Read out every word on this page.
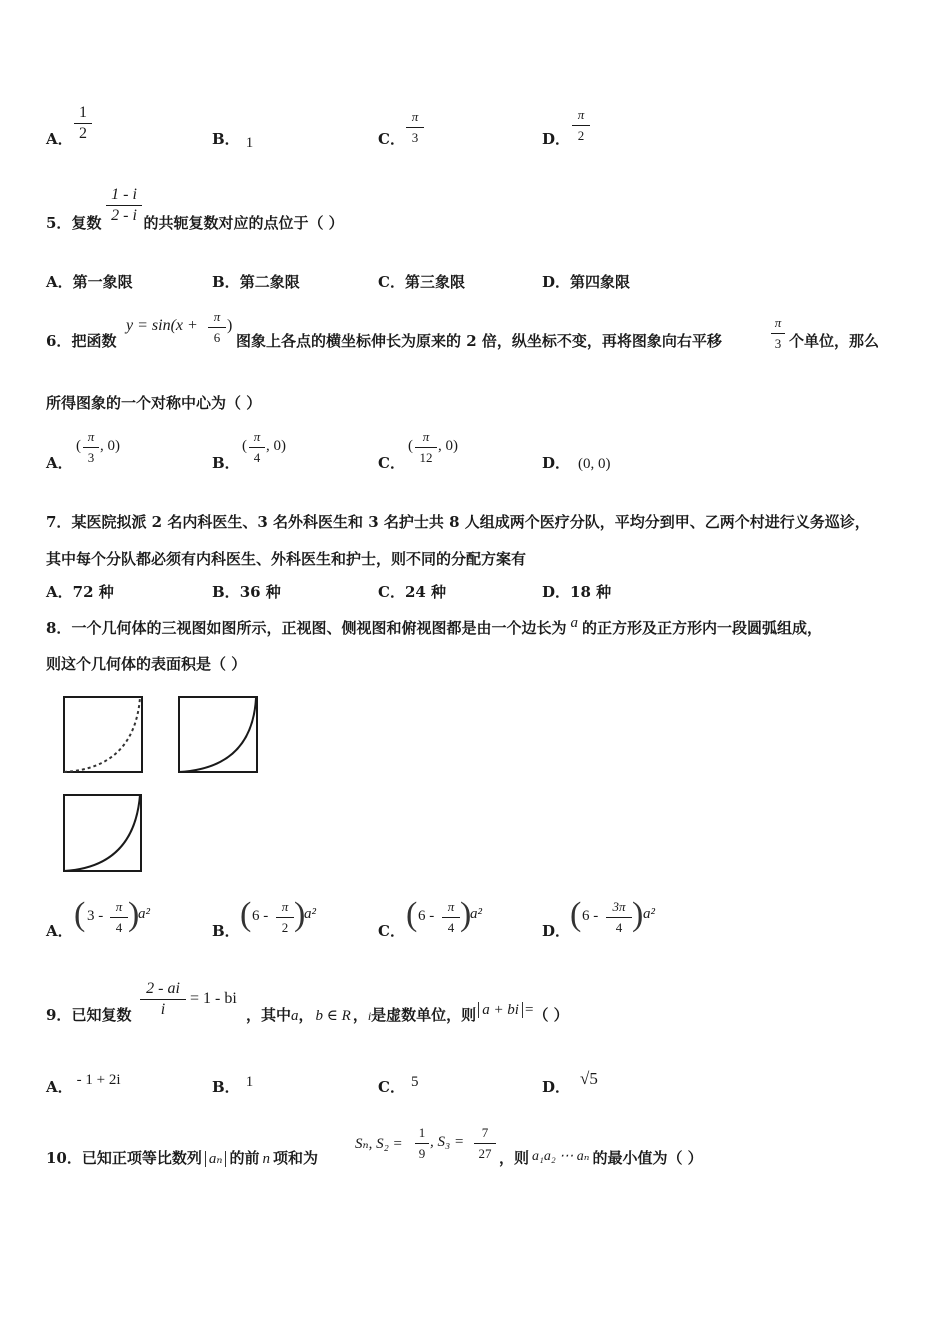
A．
1
2	B． 1	C．
π
3	D．
π
2
5．复数	的共轭复数对应的点位于（ ）
1 - i
2 - i
A．第一象限	B．第二象限	C．第三象限	D．第四象限
6．把函数
y = sin(x +
π
6
)
图象上各点的横坐标伸长为原来的 2 倍，纵坐标不变，再将图象向右平移
π
3 个单位，那么
所得图象的一个对称中心为（ ）
A．
(
π
3
, 0)
B．
(
π
4
, 0)
C．
(
π
12
, 0)
D． (0, 0)
7．某医院拟派 2 名内科医生、3 名外科医生和 3 名护士共 8 人组成两个医疗分队，平均分到甲、乙两个村进行义务巡诊，
其中每个分队都必须有内科医生、外科医生和护士，则不同的分配方案有
A．72 种	B．36 种	C．24 种	D．18 种
8．一个几何体的三视图如图所示，正视图、侧视图和俯视图都是由一个边长为 a 的正方形及正方形内一段圆弧组成，
则这个几何体的表面积是（ ）
A． ( 3 -
π
4 )
a²
B． ( 6 -
π
2 )
a²
C． ( 6 -
π
4 )
a²
D． ( 6 -
3π
4 ) a²
9．已知复数
2 - ai
i
= 1 - bi
，其中a， b ∈ R ，i是虚数单位，则 a + bi =（ ）
A． - 1 + 2i	B． 1	C． 5	D． √5
10．已知正项等比数列 aₙ 的前 n 项和为
Sₙ, S₂ =
1
9
, S₃ =
7
27 ，则 a₁a₂ ⋯ aₙ 的最小值为（ ）
